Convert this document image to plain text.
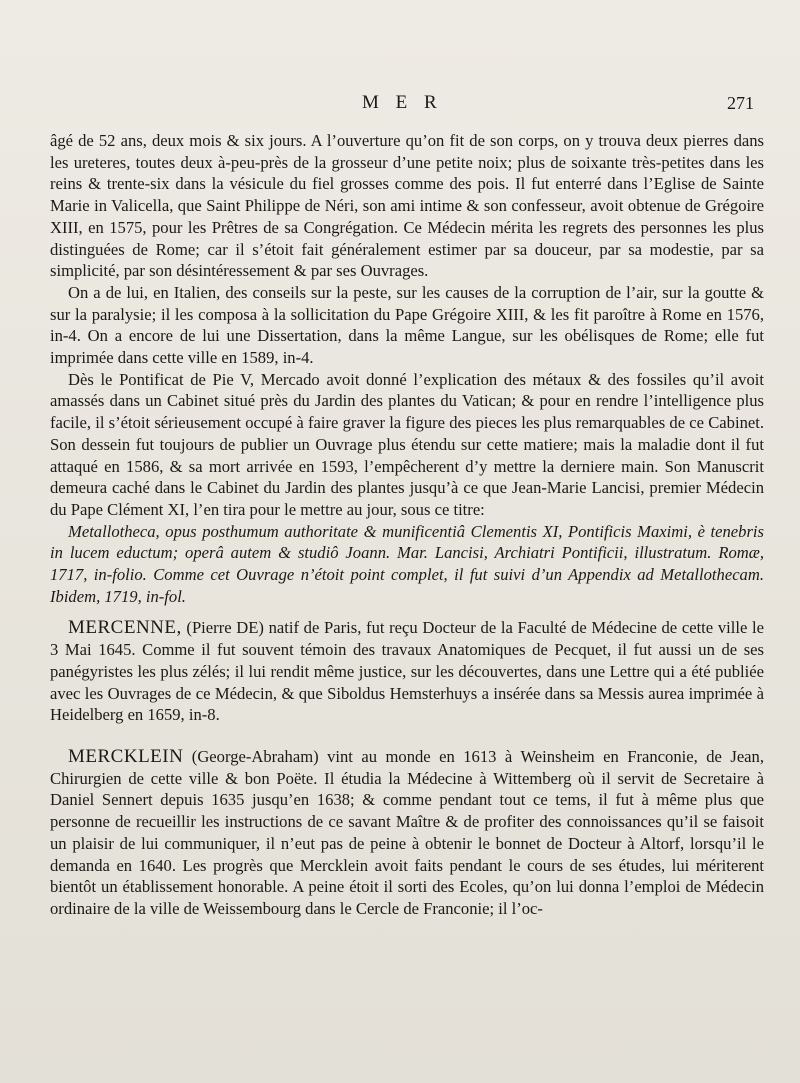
M E R	271

âgé de 52 ans, deux mois & six jours. A l’ouverture qu’on fit de son corps, on y trouva deux pierres dans les ureteres, toutes deux à-peu-près de la grosseur d’une petite noix; plus de soixante très-petites dans les reins & trente-six dans la vésicule du fiel grosses comme des pois. Il fut enterré dans l’Eglise de Sainte Marie in Valicella, que Saint Philippe de Néri, son ami intime & son confesseur, avoit obtenue de Grégoire XIII, en 1575, pour les Prêtres de sa Congrégation. Ce Médecin mérita les regrets des personnes les plus distinguées de Rome; car il s’étoit fait généralement estimer par sa douceur, par sa modestie, par sa simplicité, par son désintéressement & par ses Ouvrages.

On a de lui, en Italien, des conseils sur la peste, sur les causes de la corruption de l’air, sur la goutte & sur la paralysie; il les composa à la sollicitation du Pape Grégoire XIII, & les fit paroître à Rome en 1576, in-4. On a encore de lui une Dissertation, dans la même Langue, sur les obélisques de Rome; elle fut imprimée dans cette ville en 1589, in-4.

Dès le Pontificat de Pie V, Mercado avoit donné l’explication des métaux & des fossiles qu’il avoit amassés dans un Cabinet situé près du Jardin des plantes du Vatican; & pour en rendre l’intelligence plus facile, il s’étoit sérieusement occupé à faire graver la figure des pieces les plus remarquables de ce Cabinet. Son dessein fut toujours de publier un Ouvrage plus étendu sur cette matiere; mais la maladie dont il fut attaqué en 1586, & sa mort arrivée en 1593, l’empêcherent d’y mettre la derniere main. Son Manuscrit demeura caché dans le Cabinet du Jardin des plantes jusqu’à ce que Jean-Marie Lancisi, premier Médecin du Pape Clément XI, l’en tira pour le mettre au jour, sous ce titre:

Metallotheca, opus posthumum authoritate & munificentiâ Clementis XI, Pontificis Maximi, è tenebris in lucem eductum; operâ autem & studiô Joann. Mar. Lancisi, Archiatri Pontificii, illustratum. Romæ, 1717, in-folio. Comme cet Ouvrage n’étoit point complet, il fut suivi d’un Appendix ad Metallothecam. Ibidem, 1719, in-fol.

MERCENNE, (Pierre DE) natif de Paris, fut reçu Docteur de la Faculté de Médecine de cette ville le 3 Mai 1645. Comme il fut souvent témoin des travaux Anatomiques de Pecquet, il fut aussi un de ses panégyristes les plus zélés; il lui rendit même justice, sur les découvertes, dans une Lettre qui a été publiée avec les Ouvrages de ce Médecin, & que Siboldus Hemsterhuys a insérée dans sa Messis aurea imprimée à Heidelberg en 1659, in-8.

MERCKLEIN (George-Abraham) vint au monde en 1613 à Weinsheim en Franconie, de Jean, Chirurgien de cette ville & bon Poëte. Il étudia la Médecine à Wittemberg où il servit de Secretaire à Daniel Sennert depuis 1635 jusqu’en 1638; & comme pendant tout ce tems, il fut à même plus que personne de recueillir les instructions de ce savant Maître & de profiter des connoissances qu’il se faisoit un plaisir de lui communiquer, il n’eut pas de peine à obtenir le bonnet de Docteur à Altorf, lorsqu’il le demanda en 1640. Les progrès que Mercklein avoit faits pendant le cours de ses études, lui mériterent bientôt un établissement honorable. A peine étoit il sorti des Ecoles, qu’on lui donna l’emploi de Médecin ordinaire de la ville de Weissembourg dans le Cercle de Franconie; il l’oc-
